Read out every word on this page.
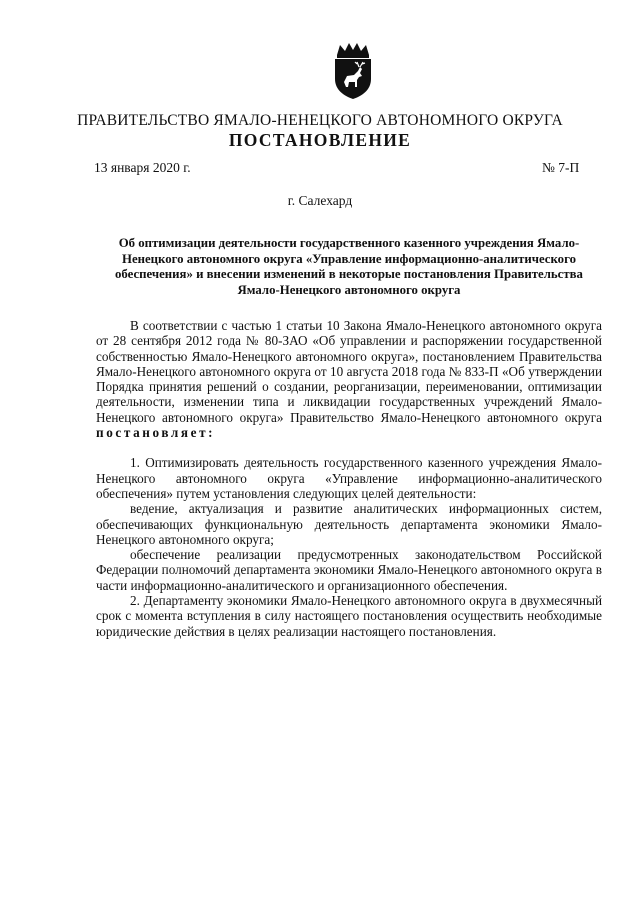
ПРАВИТЕЛЬСТВО ЯМАЛО-НЕНЕЦКОГО АВТОНОМНОГО ОКРУГА
ПОСТАНОВЛЕНИЕ
13 января 2020 г.	№ 7-П
г. Салехард
Об оптимизации деятельности государственного казенного учреждения Ямало-Ненецкого автономного округа «Управление информационно-аналитического обеспечения» и внесении изменений в некоторые постановления Правительства Ямало-Ненецкого автономного округа

В соответствии с частью 1 статьи 10 Закона Ямало-Ненецкого автономного округа от 28 сентября 2012 года № 80-ЗАО «Об управлении и распоряжении государственной собственностью Ямало-Ненецкого автономного округа», постановлением Правительства Ямало-Ненецкого автономного округа от 10 августа 2018 года № 833-П «Об утверждении Порядка принятия решений о создании, реорганизации, переименовании, оптимизации деятельности, изменении типа и ликвидации государственных учреждений Ямало-Ненецкого автономного округа» Правительство Ямало-Ненецкого автономного округа постановляет:

1. Оптимизировать деятельность государственного казенного учреждения Ямало-Ненецкого автономного округа «Управление информационно-аналитического обеспечения» путем установления следующих целей деятельности:

ведение, актуализация и развитие аналитических информационных систем, обеспечивающих функциональную деятельность департамента экономики Ямало-Ненецкого автономного округа;

обеспечение реализации предусмотренных законодательством Российской Федерации полномочий департамента экономики Ямало-Ненецкого автономного округа в части информационно-аналитического и организационного обеспечения.

2. Департаменту экономики Ямало-Ненецкого автономного округа в двухмесячный срок с момента вступления в силу настоящего постановления осуществить необходимые юридические действия в целях реализации настоящего постановления.
